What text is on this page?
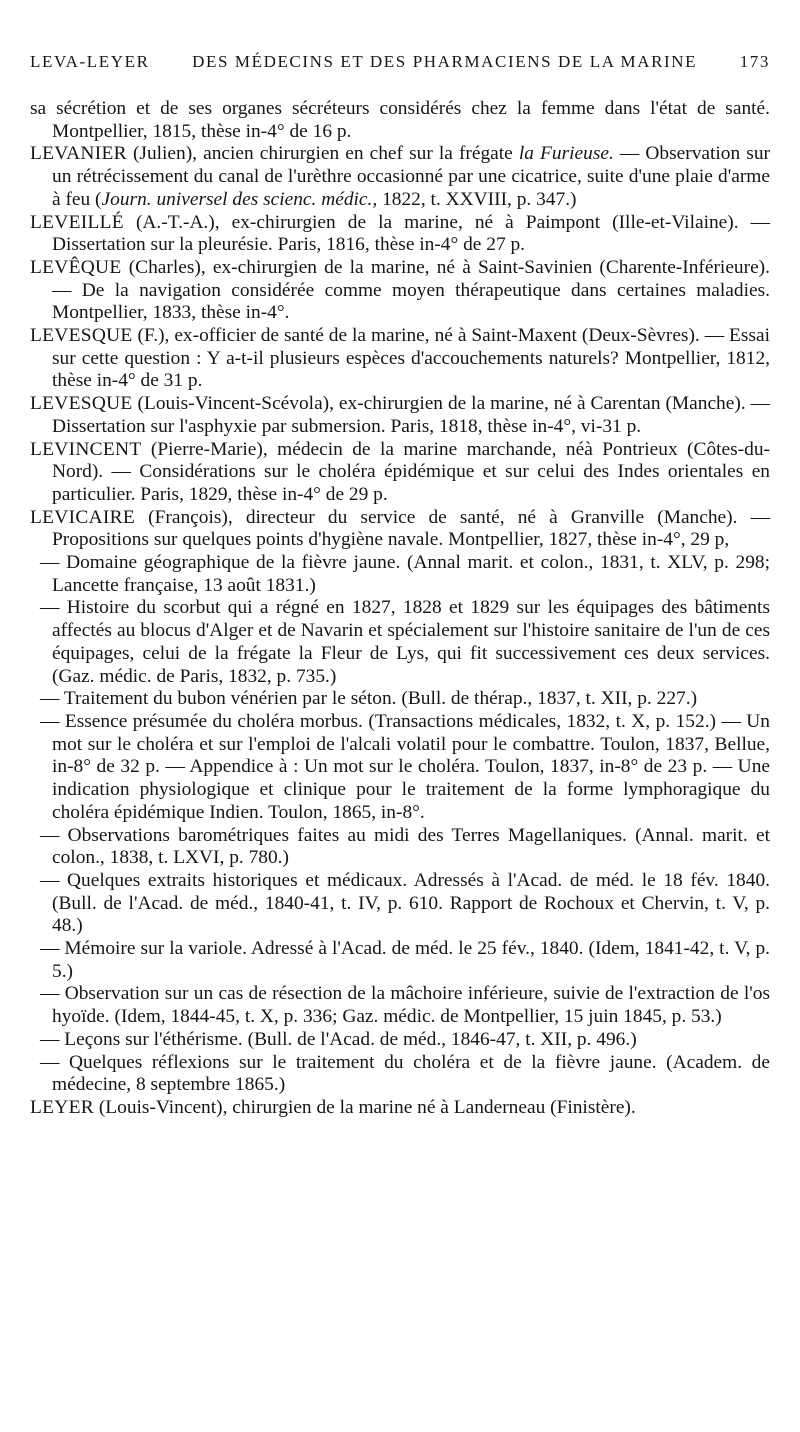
LEVA-LEYER	DES MÉDECINS ET DES PHARMACIENS DE LA MARINE	173

sa sécrétion et de ses organes sécréteurs considérés chez la femme dans l'état de santé. Montpellier, 1815, thèse in-4° de 16 p.

LEVANIER (Julien), ancien chirurgien en chef sur la frégate la Furieuse. — Observation sur un rétrécissement du canal de l'urèthre occasionné par une cicatrice, suite d'une plaie d'arme à feu (Journ. universel des scienc. médic., 1822, t. XXVIII, p. 347.)

LEVEILLÉ (A.-T.-A.), ex-chirurgien de la marine, né à Paimpont (Ille-et-Vilaine). — Dissertation sur la pleurésie. Paris, 1816, thèse in-4° de 27 p.

LEVÊQUE (Charles), ex-chirurgien de la marine, né à Saint-Savinien (Charente-Inférieure). — De la navigation considérée comme moyen thérapeutique dans certaines maladies. Montpellier, 1833, thèse in-4°.

LEVESQUE (F.), ex-officier de santé de la marine, né à Saint-Maxent (Deux-Sèvres). — Essai sur cette question : Y a-t-il plusieurs espèces d'accouchements naturels? Montpellier, 1812, thèse in-4° de 31 p.

LEVESQUE (Louis-Vincent-Scévola), ex-chirurgien de la marine, né à Carentan (Manche). — Dissertation sur l'asphyxie par submersion. Paris, 1818, thèse in-4°, vi-31 p.

LEVINCENT (Pierre-Marie), médecin de la marine marchande, néà Pontrieux (Côtes-du-Nord). — Considérations sur le choléra épidémique et sur celui des Indes orientales en particulier. Paris, 1829, thèse in-4° de 29 p.

LEVICAIRE (François), directeur du service de santé, né à Granville (Manche). — Propositions sur quelques points d'hygiène navale. Montpellier, 1827, thèse in-4°, 29 p,

— Domaine géographique de la fièvre jaune. (Annal marit. et colon., 1831, t. XLV, p. 298; Lancette française, 13 août 1831.)

— Histoire du scorbut qui a régné en 1827, 1828 et 1829 sur les équipages des bâtiments affectés au blocus d'Alger et de Navarin et spécialement sur l'histoire sanitaire de l'un de ces équipages, celui de la frégate la Fleur de Lys, qui fit successivement ces deux services. (Gaz. médic. de Paris, 1832, p. 735.)

— Traitement du bubon vénérien par le séton. (Bull. de thérap., 1837, t. XII, p. 227.)

— Essence présumée du choléra morbus. (Transactions médicales, 1832, t. X, p. 152.) — Un mot sur le choléra et sur l'emploi de l'alcali volatil pour le combattre. Toulon, 1837, Bellue, in-8° de 32 p. — Appendice à : Un mot sur le choléra. Toulon, 1837, in-8° de 23 p. — Une indication physiologique et clinique pour le traitement de la forme lymphoragique du choléra épidémique Indien. Toulon, 1865, in-8°.

— Observations barométriques faites au midi des Terres Magellaniques. (Annal. marit. et colon., 1838, t. LXVI, p. 780.)

— Quelques extraits historiques et médicaux. Adressés à l'Acad. de méd. le 18 fév. 1840. (Bull. de l'Acad. de méd., 1840-41, t. IV, p. 610. Rapport de Rochoux et Chervin, t. V, p. 48.)

— Mémoire sur la variole. Adressé à l'Acad. de méd. le 25 fév., 1840. (Idem, 1841-42, t. V, p. 5.)

— Observation sur un cas de résection de la mâchoire inférieure, suivie de l'extraction de l'os hyoïde. (Idem, 1844-45, t. X, p. 336; Gaz. médic. de Montpellier, 15 juin 1845, p. 53.)

— Leçons sur l'éthérisme. (Bull. de l'Acad. de méd., 1846-47, t. XII, p. 496.)

— Quelques réflexions sur le traitement du choléra et de la fièvre jaune. (Academ. de médecine, 8 septembre 1865.)

LEYER (Louis-Vincent), chirurgien de la marine né à Landerneau (Finistère).
